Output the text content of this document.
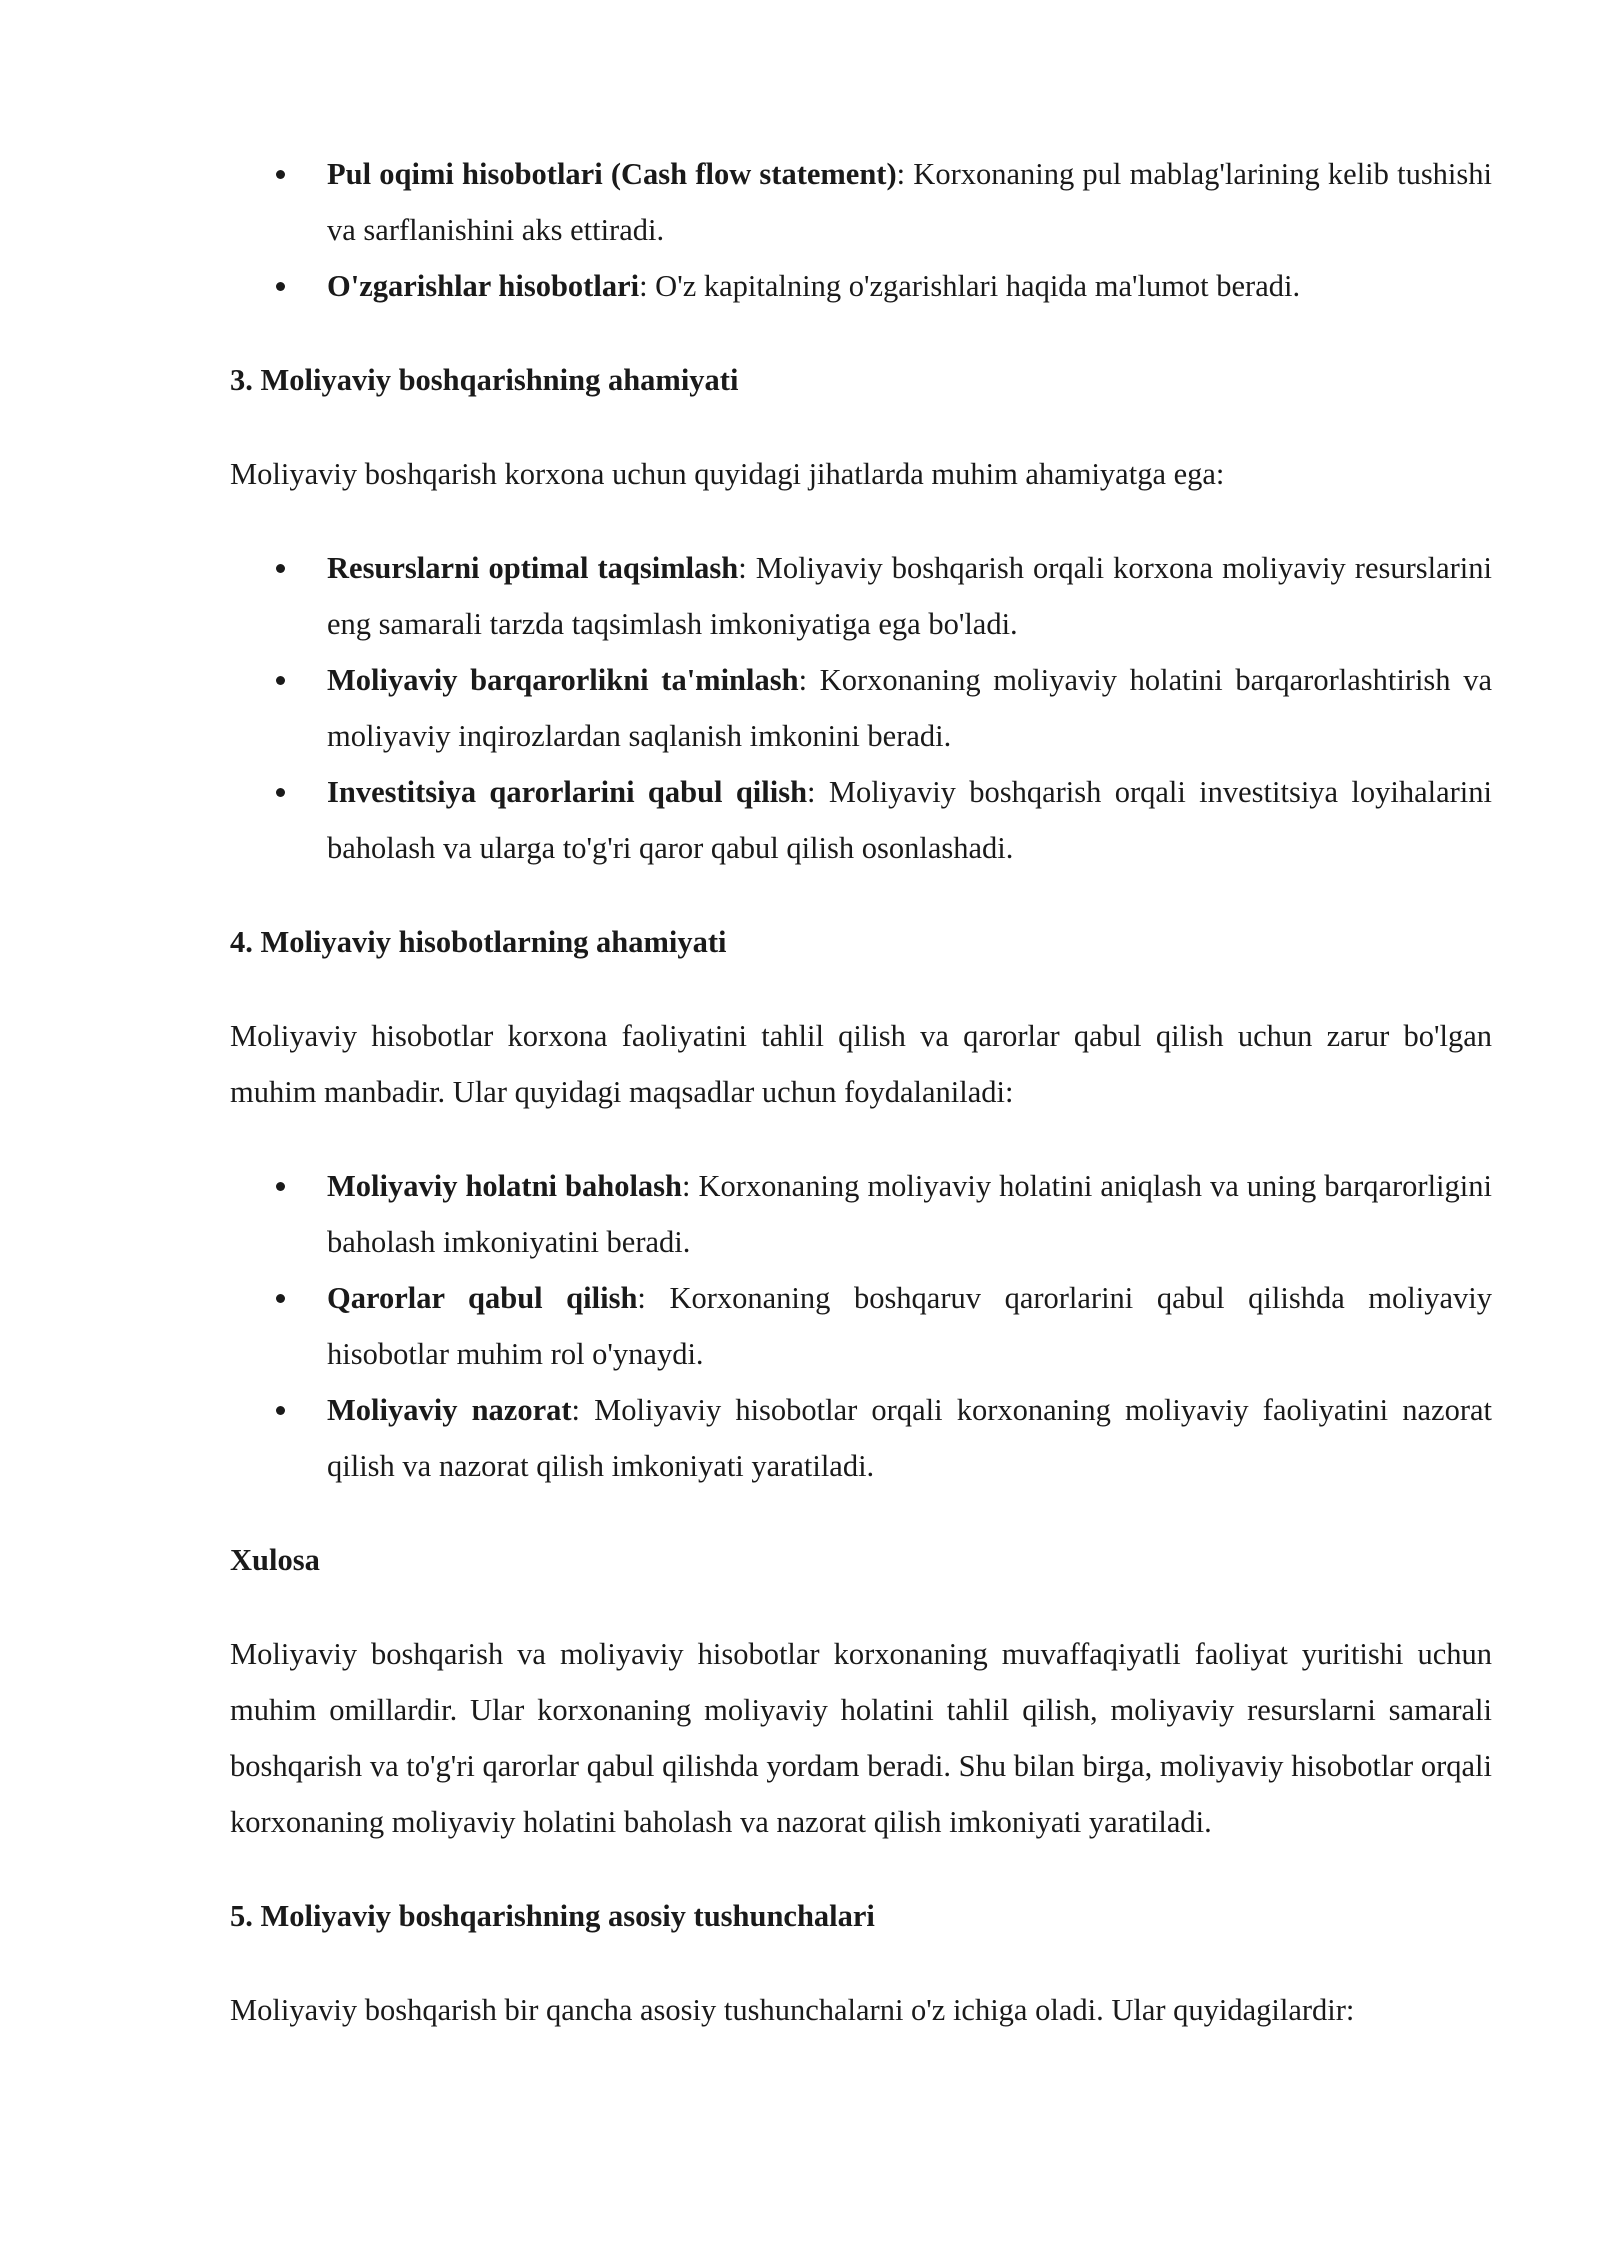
Pul oqimi hisobotlari (Cash flow statement): Korxonaning pul mablag'larining kelib tushishi va sarflanishini aks ettiradi.
O'zgarishlar hisobotlari: O'z kapitalning o'zgarishlari haqida ma'lumot beradi.
3. Moliyaviy boshqarishning ahamiyati

Moliyaviy boshqarish korxona uchun quyidagi jihatlarda muhim ahamiyatga ega:

Resurslarni optimal taqsimlash: Moliyaviy boshqarish orqali korxona moliyaviy resurslarini eng samarali tarzda taqsimlash imkoniyatiga ega bo'ladi.
Moliyaviy barqarorlikni ta'minlash: Korxonaning moliyaviy holatini barqarorlashtirish va moliyaviy inqirozlardan saqlanish imkonini beradi.
Investitsiya qarorlarini qabul qilish: Moliyaviy boshqarish orqali investitsiya loyihalarini baholash va ularga to'g'ri qaror qabul qilish osonlashadi.
4. Moliyaviy hisobotlarning ahamiyati

Moliyaviy hisobotlar korxona faoliyatini tahlil qilish va qarorlar qabul qilish uchun zarur bo'lgan muhim manbadir. Ular quyidagi maqsadlar uchun foydalaniladi:

Moliyaviy holatni baholash: Korxonaning moliyaviy holatini aniqlash va uning barqarorligini baholash imkoniyatini beradi.
Qarorlar qabul qilish: Korxonaning boshqaruv qarorlarini qabul qilishda moliyaviy hisobotlar muhim rol o'ynaydi.
Moliyaviy nazorat: Moliyaviy hisobotlar orqali korxonaning moliyaviy faoliyatini nazorat qilish va nazorat qilish imkoniyati yaratiladi.
Xulosa

Moliyaviy boshqarish va moliyaviy hisobotlar korxonaning muvaffaqiyatli faoliyat yuritishi uchun muhim omillardir. Ular korxonaning moliyaviy holatini tahlil qilish, moliyaviy resurslarni samarali boshqarish va to'g'ri qarorlar qabul qilishda yordam beradi. Shu bilan birga, moliyaviy hisobotlar orqali korxonaning moliyaviy holatini baholash va nazorat qilish imkoniyati yaratiladi.

5. Moliyaviy boshqarishning asosiy tushunchalari

Moliyaviy boshqarish bir qancha asosiy tushunchalarni o'z ichiga oladi. Ular quyidagilardir:
